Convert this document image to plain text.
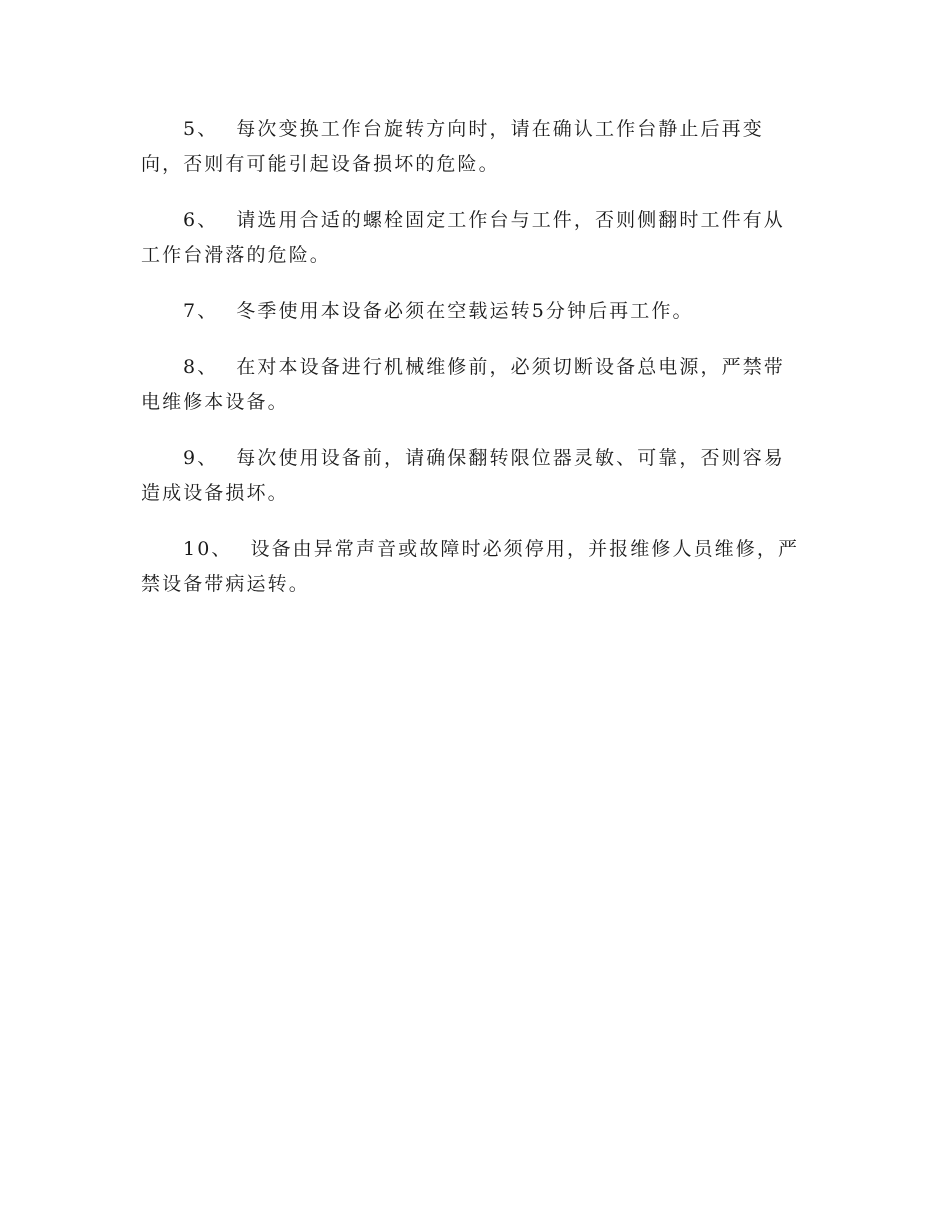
5、 每次变换工作台旋转方向时，请在确认工作台静止后再变向，否则有可能引起设备损坏的危险。

6、 请选用合适的螺栓固定工作台与工件，否则侧翻时工件有从工作台滑落的危险。

7、 冬季使用本设备必须在空载运转5分钟后再工作。

8、 在对本设备进行机械维修前，必须切断设备总电源，严禁带电维修本设备。

9、 每次使用设备前，请确保翻转限位器灵敏、可靠，否则容易造成设备损坏。

10、 设备由异常声音或故障时必须停用，并报维修人员维修，严禁设备带病运转。
